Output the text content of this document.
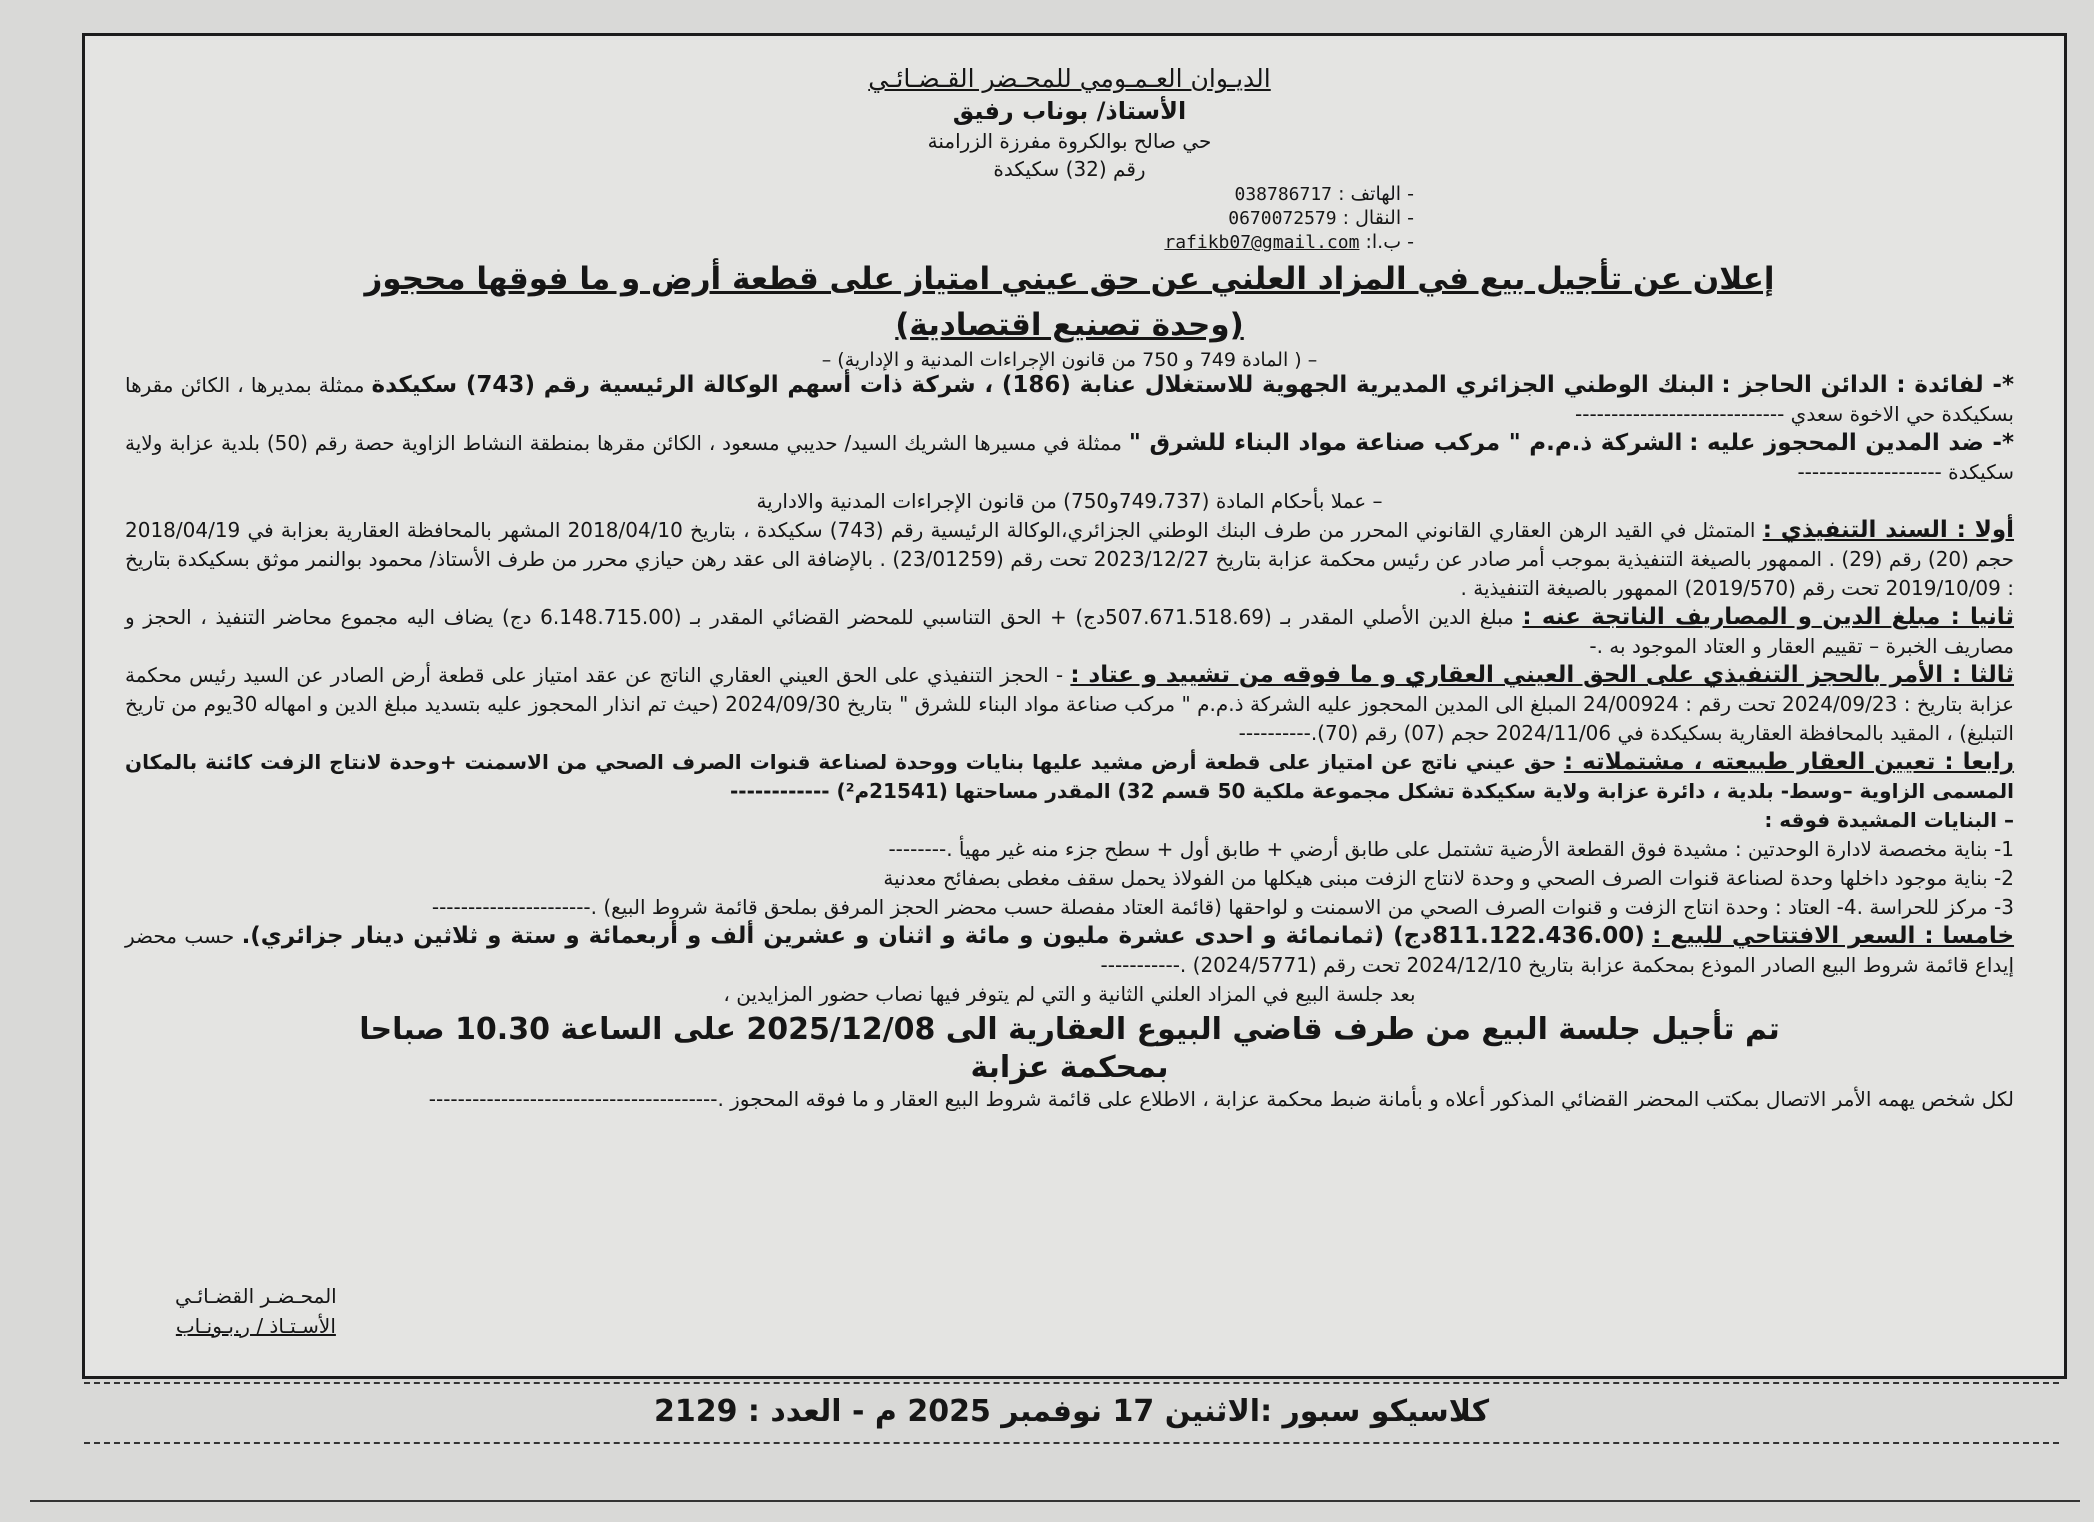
الديـوان العـمـومي للمحـضر القـضـائـي
الأستاذ/ بوناب رفيق
حي صالح بوالكروة مفرزة الزرامنة
رقم (32) سكيكدة
- الهاتف : 038786717
- النقال : 0670072579
- ب.ا: rafikb07@gmail.com
إعلان عن تأجيل بيع في المزاد العلني عن حق عيني امتياز على قطعة أرض و ما فوقها محجوز
(وحدة تصنيع اقتصادية)
– ( المادة 749 و 750 من قانون الإجراءات المدنية و الإدارية) –

*- لفائدة : الدائن الحاجز : البنك الوطني الجزائري المديرية الجهوية للاستغلال عنابة (186) ، شركة ذات أسهم الوكالة الرئيسية رقم (743) سكيكدة ممثلة بمديرها ، الكائن مقرها بسكيكدة حي الاخوة سعدي -----------------------------

*- ضد المدين المحجوز عليه : الشركة ذ.م.م " مركب صناعة مواد البناء للشرق " ممثلة في مسيرها الشريك السيد/ حديبي مسعود ، الكائن مقرها بمنطقة النشاط الزاوية حصة رقم (50) بلدية عزابة ولاية سكيكدة --------------------

– عملا بأحكام المادة (749،737و750) من قانون الإجراءات المدنية والادارية

أولا : السند التنفيذي : المتمثل في القيد الرهن العقاري القانوني المحرر من طرف البنك الوطني الجزائري،الوكالة الرئيسية رقم (743) سكيكدة ، بتاريخ 2018/04/10 المشهر بالمحافظة العقارية بعزابة في 2018/04/19 حجم (20) رقم (29) . الممهور بالصيغة التنفيذية بموجب أمر صادر عن رئيس محكمة عزابة بتاريخ 2023/12/27 تحت رقم (23/01259) . بالإضافة الى عقد رهن حيازي محرر من طرف الأستاذ/ محمود بوالنمر موثق بسكيكدة بتاريخ : 2019/10/09 تحت رقم (2019/570) الممهور بالصيغة التنفيذية .

ثانيا : مبلغ الدين و المصاريف الناتجة عنه : مبلغ الدين الأصلي المقدر بـ (507.671.518.69دج) + الحق التناسبي للمحضر القضائي المقدر بـ (6.148.715.00 دج) يضاف اليه مجموع محاضر التنفيذ ، الحجز و مصاريف الخبرة – تقييم العقار و العتاد الموجود به .-

ثالثا : الأمر بالحجز التنفيذي على الحق العيني العقاري و ما فوقه من تشييد و عتاد : - الحجز التنفيذي على الحق العيني العقاري الناتج عن عقد امتياز على قطعة أرض الصادر عن السيد رئيس محكمة عزابة بتاريخ : 2024/09/23 تحت رقم : 24/00924 المبلغ الى المدين المحجوز عليه الشركة ذ.م.م " مركب صناعة مواد البناء للشرق " بتاريخ 2024/09/30 (حيث تم انذار المحجوز عليه بتسديد مبلغ الدين و امهاله 30يوم من تاريخ التبليغ) ، المقيد بالمحافظة العقارية بسكيكدة في 2024/11/06 حجم (07) رقم (70).----------

رابعا : تعيين العقار طبيعته ، مشتملاته : حق عيني ناتج عن امتياز على قطعة أرض مشيد عليها بنايات ووحدة لصناعة قنوات الصرف الصحي من الاسمنت +وحدة لانتاج الزفت كائنة بالمكان المسمى الزاوية –وسط- بلدية ، دائرة عزابة ولاية سكيكدة تشكل مجموعة ملكية 50 قسم 32) المقدر مساحتها (21541م²) ------------

– البنايات المشيدة فوقه :

1- بناية مخصصة لادارة الوحدتين : مشيدة فوق القطعة الأرضية تشتمل على طابق أرضي + طابق أول + سطح جزء منه غير مهيأ .--------

2- بناية موجود داخلها وحدة لصناعة قنوات الصرف الصحي و وحدة لانتاج الزفت مبنى هيكلها من الفولاذ يحمل سقف مغطى بصفائح معدنية

3- مركز للحراسة .4- العتاد : وحدة انتاج الزفت و قنوات الصرف الصحي من الاسمنت و لواحقها (قائمة العتاد مفصلة حسب محضر الحجز المرفق بملحق قائمة شروط البيع) .----------------------

خامسا : السعر الافتتاحي للبيع : (811.122.436.00دج) (ثمانمائة و احدى عشرة مليون و مائة و اثنان و عشرين ألف و أربعمائة و ستة و ثلاثين دينار جزائري). حسب محضر إيداع قائمة شروط البيع الصادر الموذع بمحكمة عزابة بتاريخ 2024/12/10 تحت رقم (2024/5771) .-----------

بعد جلسة البيع في المزاد العلني الثانية و التي لم يتوفر فيها نصاب حضور المزايدين ،

تم تأجيل جلسة البيع من طرف قاضي البيوع العقارية الى 2025/12/08 على الساعة 10.30 صباحا
بمحكمة عزابة

لكل شخص يهمه الأمر الاتصال بمكتب المحضر القضائي المذكور أعلاه و بأمانة ضبط محكمة عزابة ، الاطلاع على قائمة شروط البيع العقار و ما فوقه المحجوز .----------------------------------------

المحـضـر القضـائـي
الأسـتـاذ / ر.بـونـاب
كلاسيكو سبور :الاثنين 17 نوفمبر 2025 م - العدد : 2129
